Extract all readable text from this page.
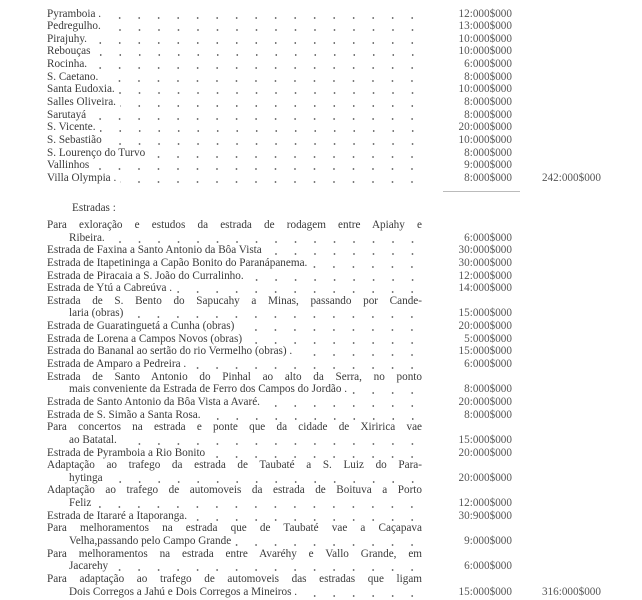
Pyramboia .	12:000$000
Pedregulho.	13:000$000
Pirajuhy.	10:000$000
Rebouças	10:000$000
Rocinha.	6:000$000
S. Caetano.	8:000$000
Santa Eudoxia.	10:000$000
Salles Oliveira.	8:000$000
Sarutayá	8:000$000
S. Vicente.	20:000$000
S. Sebastião	10:000$000
S. Lourenço do Turvo	8:000$000
Vallinhos	9:000$000
Villa Olympia .	8:000$000	242:000$000
Estradas :
Para exloração e estudos da estrada de rodagem entre Apiahy e
Ribeira.	6:000$000
Estrada de Faxina a Santo Antonio da Bôa Vista	30:000$000
Estrada de Itapetininga a Capão Bonito do Paranápanema.	30:000$000
Estrada de Piracaia a S. João do Curralinho.	12:000$000
Estrada de Ytú a Cabreúva .	14:000$000
Estrada de S. Bento do Sapucahy a Minas, passando por Cande-
laria (obras)	15:000$000
Estrada de Guaratinguetá a Cunha (obras)	20:000$000
Estrada de Lorena a Campos Novos (obras)	5:000$000
Estrada do Bananal ao sertão do rio Vermelho (obras) .	15:000$000
Estrada de Amparo a Pedreira .	6:000$000
Estrada de Santo Antonio do Pinhal ao alto da Serra, no ponto
mais conveniente da Estrada de Ferro dos Campos do Jordão .	8:000$000
Estrada de Santo Antonio da Bôa Vista a Avaré.	20:000$000
Estrada de S. Simão a Santa Rosa.	8:000$000
Para concertos na estrada e ponte que da cidade de Xiririca vae
ao Batatal.	15:000$000
Estrada de Pyramboia a Rio Bonito	20:000$000
Adaptação ao trafego da estrada de Taubaté a S. Luiz do Para-
hytinga	20:000$000
Adaptação ao trafego de automoveis da estrada de Boituva a Porto
Feliz	12:000$000
Estrada de Itararé a Itaporanga.	30:900$000
Para melhoramentos na estrada que de Taubaté vae a Caçapava
Velha,passando pelo Campo Grande	9:000$000
Para melhoramentos na estrada entre Avaréhy e Vallo Grande, em
Jacarehy	6:000$000
Para adaptação ao trafego de automoveis das estradas que ligam
Dois Corregos a Jahú e Dois Corregos a Mineiros .	15:000$000	316:000$000
